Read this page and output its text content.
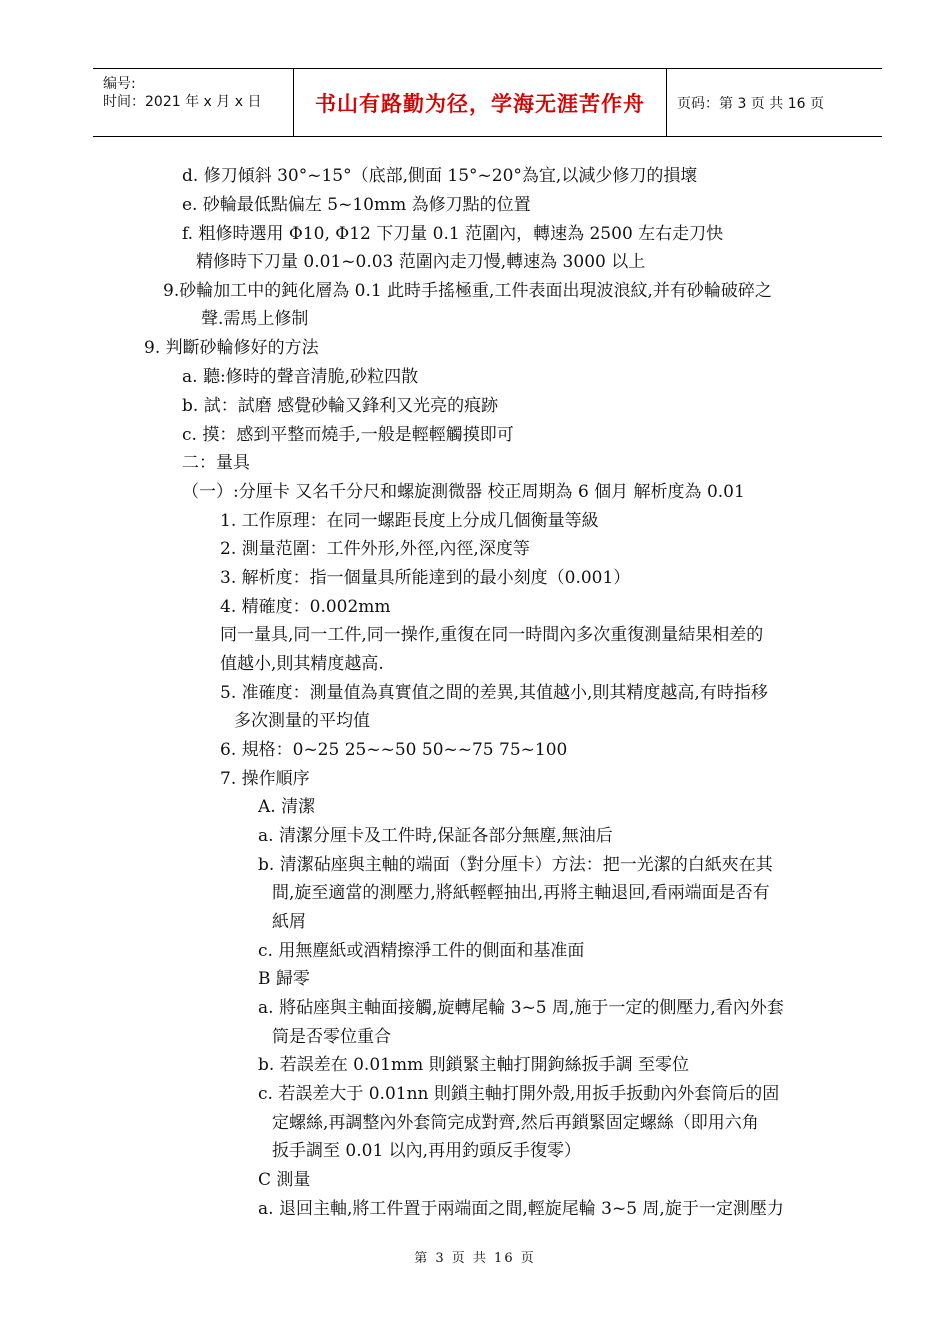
编号:
时间：2021 年 x 月 x 日	书山有路勤为径，学海无涯苦作舟	页码：第 3 页 共 16 页
d. 修刀傾斜 30°~15°（底部,側面 15°~20°為宜,以減少修刀的損壞
e. 砂輪最低點偏左 5~10mm 為修刀點的位置
f. 粗修時選用 Φ10, Φ12 下刀量 0.1 范圍內，轉速為 2500 左右走刀快
精修時下刀量 0.01~0.03 范圍內走刀慢,轉速為 3000 以上
9.砂輪加工中的鈍化層為 0.1 此時手搖極重,工件表面出現波浪紋,并有砂輪破碎之
聲.需馬上修制
9. 判斷砂輪修好的方法
a. 聽:修時的聲音清脆,砂粒四散
b. 試：試磨 感覺砂輪又鋒利又光亮的痕跡
c. 摸：感到平整而燒手,一般是輕輕觸摸即可
二：量具
（一）:分厘卡 又名千分尺和螺旋測微器 校正周期為 6 個月 解析度為 0.01
1. 工作原理：在同一螺距長度上分成几個衡量等級
2. 測量范圍：工件外形,外徑,內徑,深度等
3. 解析度：指一個量具所能達到的最小刻度（0.001）
4. 精確度：0.002mm
同一量具,同一工件,同一操作,重復在同一時間內多次重復測量結果相差的
值越小,則其精度越高.
5. 准確度：測量值為真實值之間的差異,其值越小,則其精度越高,有時指移
多次測量的平均值
6. 規格：0~25 25~~50 50~~75 75~100
7. 操作順序
A. 清潔
a. 清潔分厘卡及工件時,保証各部分無塵,無油后
b. 清潔砧座與主軸的端面（對分厘卡）方法：把一光潔的白紙夾在其
間,旋至適當的測壓力,將紙輕輕抽出,再將主軸退回,看兩端面是否有
紙屑
c. 用無塵紙或酒精擦淨工件的側面和基准面
B 歸零
a. 將砧座與主軸面接觸,旋轉尾輪 3~5 周,施于一定的側壓力,看內外套
筒是否零位重合
b. 若誤差在 0.01mm 則鎖緊主軸打開鉤絲扳手調 至零位
c. 若誤差大于 0.01nn 則鎖主軸打開外殼,用扳手扳動內外套筒后的固
定螺絲,再調整內外套筒完成對齊,然后再鎖緊固定螺絲（即用六角
扳手調至 0.01 以內,再用釣頭反手復零）
C 測量
a. 退回主軸,將工件置于兩端面之間,輕旋尾輪 3~5 周,旋于一定測壓力
第 3 页 共 16 页
